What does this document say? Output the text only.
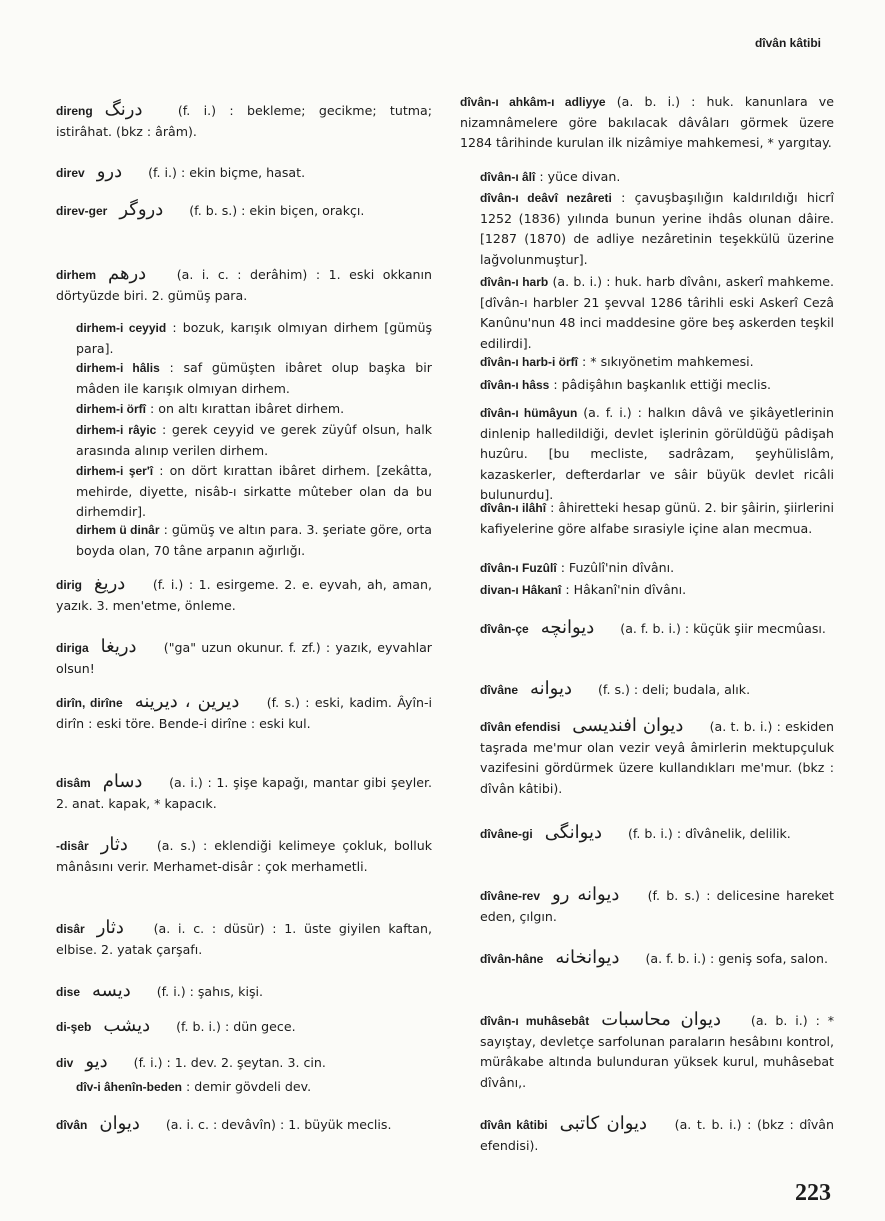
dîvân kâtibi
direng درنگ (f. i.) : bekleme; gecikme; tutma; istirâhat. (bkz : ârâm).
direv درو (f. i.) : ekin biçme, hasat.
direv-ger دروگر (f. b. s.) : ekin biçen, orakçı.
dirhem درهم (a. i. c. : derâhim) : 1. eski okkanın dörtyüzde biri. 2. gümüş para.
dirhem-i ceyyid : bozuk, karışık olmıyan dirhem [gümüş para].
dirhem-i hâlis : saf gümüşten ibâret olup başka bir mâden ile karışık olmıyan dirhem.
dirhem-i örfî : on altı kırattan ibâret dirhem.
dirhem-i râyic : gerek ceyyid ve gerek züyûf olsun, halk arasında alınıp verilen dirhem.
dirhem-i şer'î : on dört kırattan ibâret dirhem. [zekâtta, mehirde, diyette, nisâb-ı sirkatte mûteber olan da bu dirhemdir].
dirhem ü dinâr : gümüş ve altın para. 3. şeriate göre, orta boyda olan, 70 tâne arpanın ağırlığı.
dirig دریغ (f. i.) : 1. esirgeme. 2. e. eyvah, ah, aman, yazık. 3. men'etme, önleme.
diriga دریغا ("ga" uzun okunur. f. zf.) : yazık, eyvahlar olsun!
dirîn, dirîne دیرین ، دیرینه (f. s.) : eski, kadim. Âyîn-i dirîn : eski töre. Bende-i dirîne : eski kul.
disâm دسام (a. i.) : 1. şişe kapağı, mantar gibi şeyler. 2. anat. kapak, * kapacık.
-disâr دثار (a. s.) : eklendiği kelimeye çokluk, bolluk mânâsını verir. Merhamet-disâr : çok merhametli.
disâr دثار (a. i. c. : düsür) : 1. üste giyilen kaftan, elbise. 2. yatak çarşafı.
dise دیسه (f. i.) : şahıs, kişi.
di-şeb دیشب (f. b. i.) : dün gece.
div دیو (f. i.) : 1. dev. 2. şeytan. 3. cin.
dîv-i âhenîn-beden : demir gövdeli dev.
dîvân دیوان (a. i. c. : devâvîn) : 1. büyük meclis.
dîvân-ı ahkâm-ı adliyye (a. b. i.) : huk. kanunlara ve nizamnâmelere göre bakılacak dâvâları görmek üzere 1284 târihinde kurulan ilk nizâmiye mahkemesi, * yargıtay.
dîvân-ı âlî : yüce divan.
dîvân-ı deâvî nezâreti : çavuşbaşılığın kaldırıldığı hicrî 1252 (1836) yılında bunun yerine ihdâs olunan dâire. [1287 (1870) de adliye nezâretinin teşekkülü üzerine lağvolunmuştur].
dîvân-ı harb (a. b. i.) : huk. harb dîvânı, askerî mahkeme. [dîvân-ı harbler 21 şevval 1286 târihli eski Askerî Cezâ Kanûnu'nun 48 inci maddesine göre beş askerden teşkil edilirdi].
dîvân-ı harb-i örfî : * sıkıyönetim mahkemesi.
dîvân-ı hâss : pâdişâhın başkanlık ettiği meclis.
dîvân-ı hümâyun (a. f. i.) : halkın dâvâ ve şikâyetlerinin dinlenip halledildiği, devlet işlerinin görüldüğü pâdişah huzûru. [bu mecliste, sadrâzam, şeyhülislâm, kazaskerler, defterdarlar ve sâir büyük devlet ricâli bulunurdu].
dîvân-ı ilâhî : âhiretteki hesap günü. 2. bir şâirin, şiirlerini kafiyelerine göre alfabe sırasiyle içine alan mecmua.
dîvân-ı Fuzûlî : Fuzûlî'nin dîvânı.
divan-ı Hâkanî : Hâkanî'nin dîvânı.
dîvân-çe دیوانچه (a. f. b. i.) : küçük şiir mecmûası.
dîvâne دیوانه (f. s.) : deli; budala, alık.
dîvân efendisi دیوان افندیسی (a. t. b. i.) : eskiden taşrada me'mur olan vezir veyâ âmirlerin mektupçuluk vazifesini gördürmek üzere kullandıkları me'mur. (bkz : dîvân kâtibi).
dîvâne-gi دیوانگی (f. b. i.) : dîvânelik, delilik.
dîvâne-rev دیوانه رو (f. b. s.) : delicesine hareket eden, çılgın.
dîvân-hâne دیوانخانه (a. f. b. i.) : geniş sofa, salon.
dîvân-ı muhâsebât دیوان محاسبات (a. b. i.) : * sayıştay, devletçe sarfolunan paraların hesâbını kontrol, mürâkabe altında bulunduran yüksek kurul, muhâsebat dîvânı,.
dîvân kâtibi دیوان كاتبی (a. t. b. i.) : (bkz : dîvân efendisi).
223
